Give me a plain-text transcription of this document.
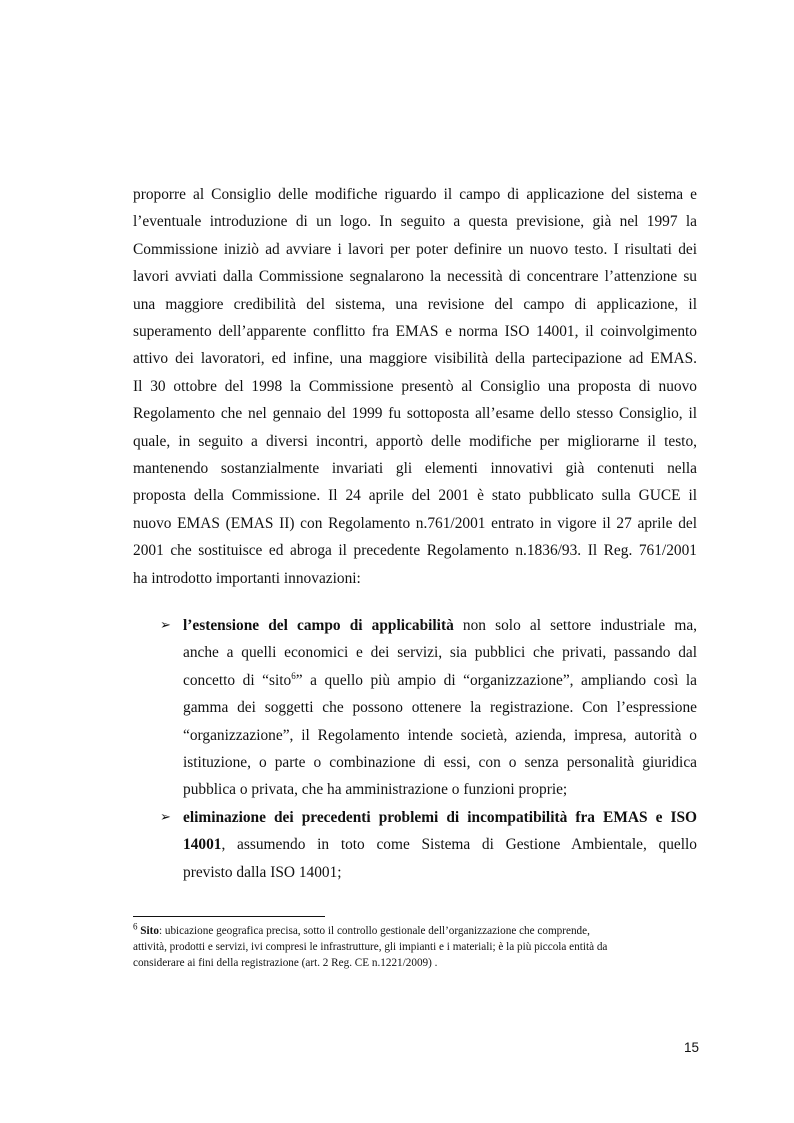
proporre al Consiglio delle modifiche riguardo il campo di applicazione del sistema e
l’eventuale introduzione di un logo. In seguito a questa previsione, già nel 1997 la
Commissione iniziò ad avviare i lavori per poter definire un nuovo testo. I risultati dei
lavori avviati dalla Commissione segnalarono la necessità di concentrare l’attenzione su
una maggiore credibilità del sistema, una revisione del campo di applicazione, il
superamento dell’apparente conflitto fra EMAS e norma ISO 14001, il coinvolgimento
attivo dei lavoratori, ed infine, una maggiore visibilità della partecipazione ad EMAS.
Il 30 ottobre del 1998 la Commissione presentò al Consiglio una proposta di nuovo
Regolamento che nel gennaio del 1999 fu sottoposta all’esame dello stesso Consiglio, il
quale, in seguito a diversi incontri, apportò delle modifiche per migliorarne il testo,
mantenendo sostanzialmente invariati gli elementi innovativi già contenuti nella
proposta della Commissione. Il 24 aprile del 2001 è stato pubblicato sulla GUCE il
nuovo EMAS (EMAS II) con Regolamento n.761/2001 entrato in vigore il 27 aprile del
2001 che sostituisce ed abroga il precedente Regolamento n.1836/93. Il Reg. 761/2001
ha introdotto importanti innovazioni:
➢ l’estensione del campo di applicabilità non solo al settore industriale ma,
anche a quelli economici e dei servizi, sia pubblici che privati, passando dal
concetto di “sito$^6$” a quello più ampio di “organizzazione”, ampliando così la
gamma dei soggetti che possono ottenere la registrazione. Con l’espressione
“organizzazione”, il Regolamento intende società, azienda, impresa, autorità o
istituzione, o parte o combinazione di essi, con o senza personalità giuridica
pubblica o privata, che ha amministrazione o funzioni proprie;
➢ eliminazione dei precedenti problemi di incompatibilità fra EMAS e ISO
14001, assumendo in toto come Sistema di Gestione Ambientale, quello
previsto dalla ISO 14001;
$^6$ Sito: ubicazione geografica precisa, sotto il controllo gestionale dell’organizzazione che comprende,
attività, prodotti e servizi, ivi compresi le infrastrutture, gli impianti e i materiali; è la più piccola entità da
considerare ai fini della registrazione (art. 2 Reg. CE n.1221/2009) .
15
